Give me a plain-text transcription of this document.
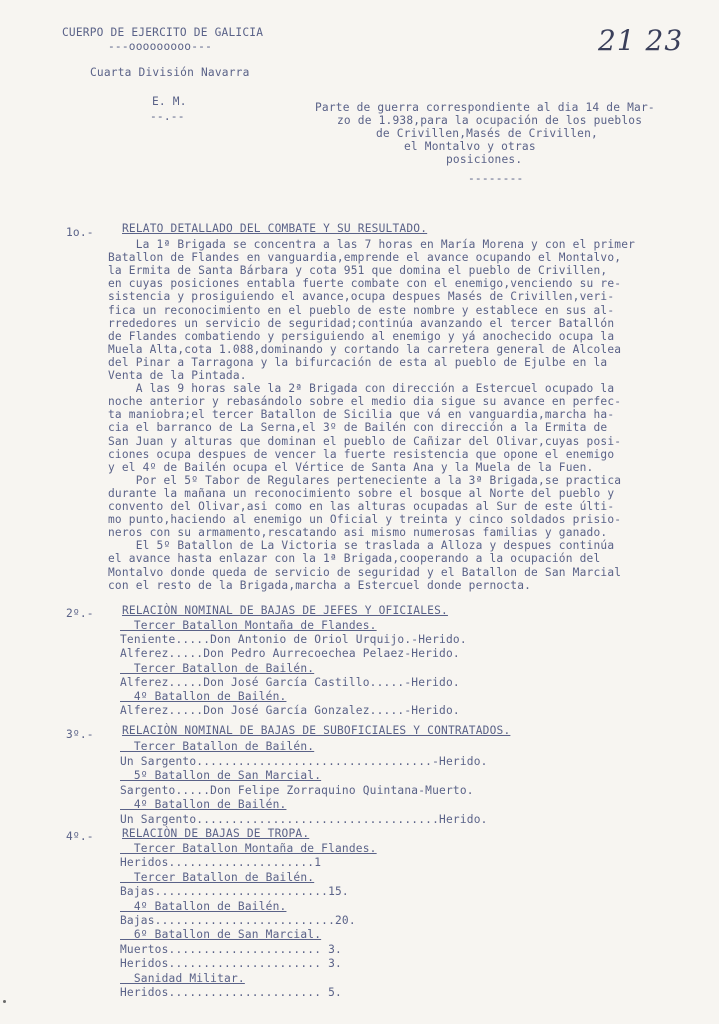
CUERPO DE EJERCITO DE GALICIA
---ooooooooo---
Cuarta División Navarra
E. M.
--.--
21 23
Parte de guerra correspondiente al dia 14 de Mar-
zo de 1.938,para la ocupación de los pueblos
de Crivillen,Masés de Crivillen,
el Montalvo y otras
posiciones.
--------
1o.-	RELATO DETALLADO DEL COMBATE Y SU RESULTADO.
La 1ª Brigada se concentra a las 7 horas en María Morena y con el primer
Batallon de Flandes en vanguardia,emprende el avance ocupando el Montalvo,
la Ermita de Santa Bárbara y cota 951 que domina el pueblo de Crivillen,
en cuyas posiciones entabla fuerte combate con el enemigo,venciendo su re-
sistencia y prosiguiendo el avance,ocupa despues Masés de Crivillen,veri-
fica un reconocimiento en el pueblo de este nombre y establece en sus al-
rrededores un servicio de seguridad;continúa avanzando el tercer Batallón
de Flandes combatiendo y persiguiendo al enemigo y yá anochecido ocupa la
Muela Alta,cota 1.088,dominando y cortando la carretera general de Alcolea
del Pinar a Tarragona y la bifurcación de esta al pueblo de Ejulbe en la
Venta de la Pintada.
A las 9 horas sale la 2ª Brigada con dirección a Estercuel ocupado la
noche anterior y rebasándolo sobre el medio dia sigue su avance en perfec-
ta maniobra;el tercer Batallon de Sicilia que vá en vanguardia,marcha ha-
cia el barranco de La Serna,el 3º de Bailén con dirección a la Ermita de
San Juan y alturas que dominan el pueblo de Cañizar del Olivar,cuyas posi-
ciones ocupa despues de vencer la fuerte resistencia que opone el enemigo
y el 4º de Bailén ocupa el Vértice de Santa Ana y la Muela de la Fuen.
Por el 5º Tabor de Regulares perteneciente a la 3ª Brigada,se practica
durante la mañana un reconocimiento sobre el bosque al Norte del pueblo y
convento del Olivar,asi como en las alturas ocupadas al Sur de este últi-
mo punto,haciendo al enemigo un Oficial y treinta y cinco soldados prisio-
neros con su armamento,rescatando asi mismo numerosas familias y ganado.
El 5º Batallon de La Victoria se traslada a Alloza y despues continúa
el avance hasta enlazar con la 1ª Brigada,cooperando a la ocupación del
Montalvo donde queda de servicio de seguridad y el Batallon de San Marcial
con el resto de la Brigada,marcha a Estercuel donde pernocta.
2º.-	RELACIÒN NOMINAL DE BAJAS DE JEFES Y OFICIALES.
Tercer Batallon Montaña de Flandes.
Teniente.....Don Antonio de Oriol Urquijo.-Herido.
Alferez.....Don Pedro Aurrecoechea Pelaez-Herido.
Tercer Batallon de Bailén.
Alferez.....Don José García Castillo.....-Herido.
4º Batallon de Bailén.
Alferez.....Don José García Gonzalez.....-Herido.
3º.-	RELACIÒN NOMINAL DE BAJAS DE SUBOFICIALES Y CONTRATADOS.
Tercer Batallon de Bailén.
Un Sargento..................................-Herido.
5º Batallon de San Marcial.
Sargento.....Don Felipe Zorraquino Quintana-Muerto.
4º Batallon de Bailén.
Un Sargento...................................Herido.
4º.-	RELACIÒN DE BAJAS DE TROPA.
Tercer Batallon Montaña de Flandes.
Heridos.....................1
Tercer Batallon de Bailén.
Bajas.........................15.
4º Batallon de Bailén.
Bajas..........................20.
6º Batallon de San Marcial.
Muertos...................... 3.
Heridos...................... 3.
Sanidad Militar.
Heridos...................... 5.
